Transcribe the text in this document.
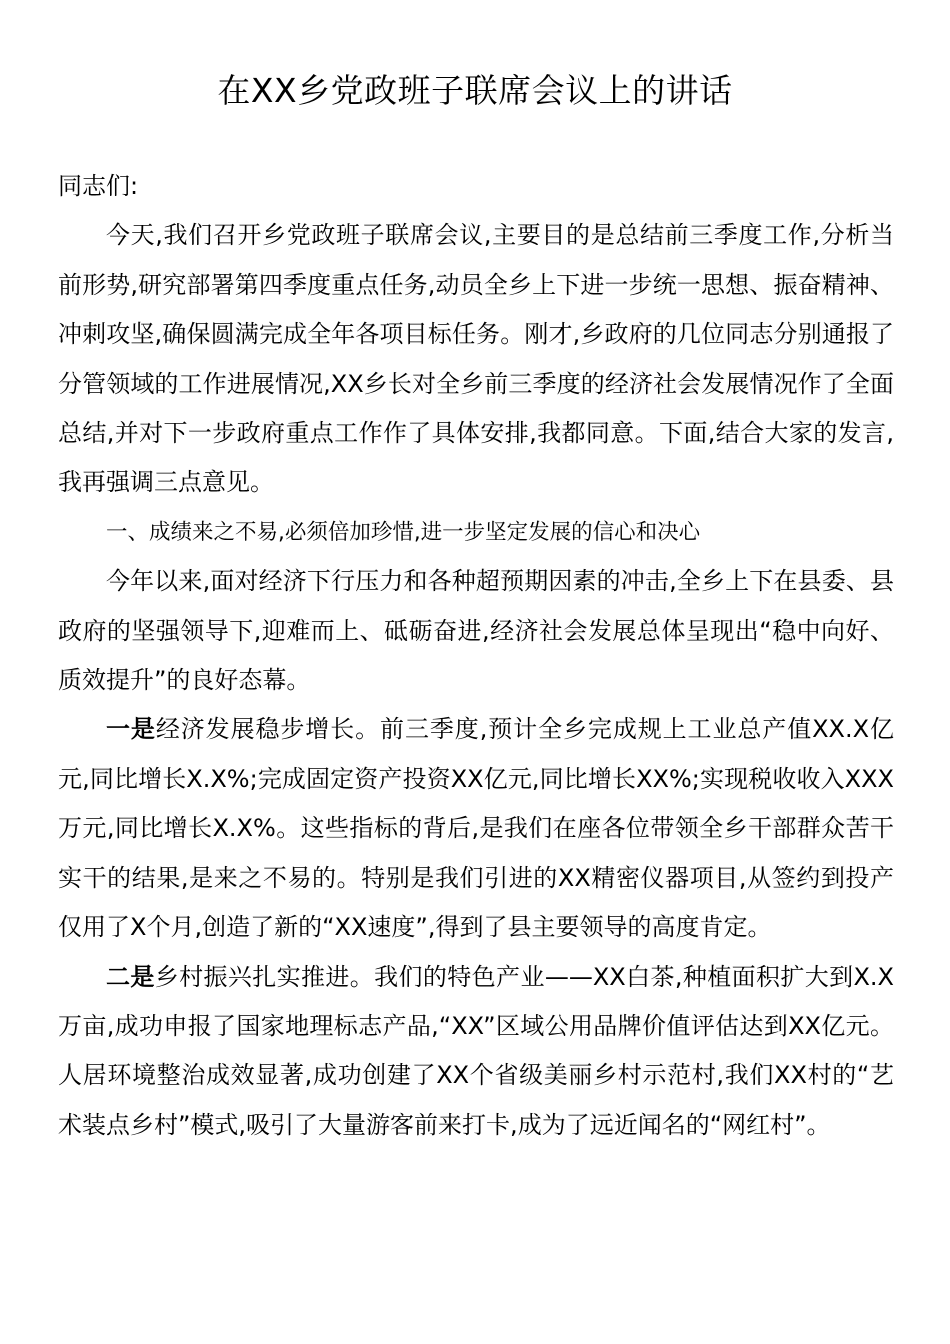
在XX乡党政班子联席会议上的讲话

同志们:

今天,我们召开乡党政班子联席会议,主要目的是总结前三季度工作,分析当前形势,研究部署第四季度重点任务,动员全乡上下进一步统一思想、振奋精神、冲刺攻坚,确保圆满完成全年各项目标任务。刚才,乡政府的几位同志分别通报了分管领域的工作进展情况,XX乡长对全乡前三季度的经济社会发展情况作了全面总结,并对下一步政府重点工作作了具体安排,我都同意。下面,结合大家的发言,我再强调三点意见。

一、成绩来之不易,必须倍加珍惜,进一步坚定发展的信心和决心

今年以来,面对经济下行压力和各种超预期因素的冲击,全乡上下在县委、县政府的坚强领导下,迎难而上、砥砺奋进,经济社会发展总体呈现出“稳中向好、质效提升”的良好态幕。

一是经济发展稳步增长。前三季度,预计全乡完成规上工业总产值XX.X亿元,同比增长X.X%;完成固定资产投资XX亿元,同比增长XX%;实现税收收入XXX万元,同比增长X.X%。这些指标的背后,是我们在座各位带领全乡干部群众苦干实干的结果,是来之不易的。特别是我们引进的XX精密仪器项目,从签约到投产仅用了X个月,创造了新的“XX速度”,得到了县主要领导的高度肯定。

二是乡村振兴扎实推进。我们的特色产业——XX白茶,种植面积扩大到X.X万亩,成功申报了国家地理标志产品,“XX”区域公用品牌价值评估达到XX亿元。人居环境整治成效显著,成功创建了XX个省级美丽乡村示范村,我们XX村的“艺术装点乡村”模式,吸引了大量游客前来打卡,成为了远近闻名的“网红村”。
